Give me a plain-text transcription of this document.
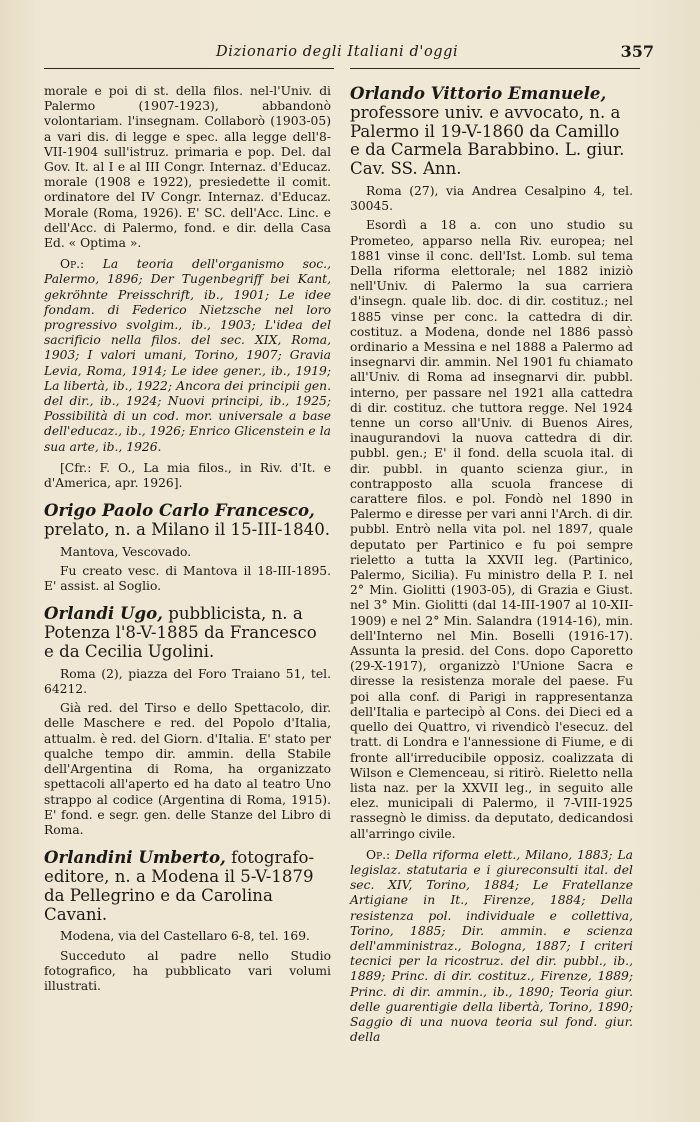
Dizionario degli Italiani d'oggi	357

morale e poi di st. della filos. nel-l'Univ. di Palermo (1907-1923), abbandonò volontariam. l'insegnam. Collaborò (1903-05) a vari dis. di legge e spec. alla legge dell'8-VII-1904 sull'istruz. primaria e pop. Del. dal Gov. It. al I e al III Congr. Internaz. d'Educaz. morale (1908 e 1922), presiedette il comit. ordinatore del IV Congr. Internaz. d'Educaz. Morale (Roma, 1926). E' SC. dell'Acc. Linc. e dell'Acc. di Palermo, fond. e dir. della Casa Ed. « Optima ».

Op.: La teoria dell'organismo soc., Palermo, 1896; Der Tugenbegriff bei Kant, gekröhnte Preisschrift, ib., 1901; Le idee fondam. di Federico Nietzsche nel loro progressivo svolgim., ib., 1903; L'idea del sacrificio nella filos. del sec. XIX, Roma, 1903; I valori umani, Torino, 1907; Gravia Levia, Roma, 1914; Le idee gener., ib., 1919; La libertà, ib., 1922; Ancora dei principii gen. del dir., ib., 1924; Nuovi principi, ib., 1925; Possibilità di un cod. mor. universale a base dell'educaz., ib., 1926; Enrico Glicenstein e la sua arte, ib., 1926.

[Cfr.: F. O., La mia filos., in Riv. d'It. e d'America, apr. 1926].

Origo Paolo Carlo Francesco, prelato, n. a Milano il 15-III-1840.

Mantova, Vescovado.

Fu creato vesc. di Mantova il 18-III-1895. E' assist. al Soglio.

Orlandi Ugo, pubblicista, n. a Potenza l'8-V-1885 da Francesco e da Cecilia Ugolini.

Roma (2), piazza del Foro Traiano 51, tel. 64212.

Già red. del Tirso e dello Spettacolo, dir. delle Maschere e red. del Popolo d'Italia, attualm. è red. del Giorn. d'Italia. E' stato per qualche tempo dir. ammin. della Stabile dell'Argentina di Roma, ha organizzato spettacoli all'aperto ed ha dato al teatro Uno strappo al codice (Argentina di Roma, 1915). E' fond. e segr. gen. delle Stanze del Libro di Roma.

Orlandini Umberto, fotografo-editore, n. a Modena il 5-V-1879 da Pellegrino e da Carolina Cavani.

Modena, via del Castellaro 6-8, tel. 169.

Succeduto al padre nello Studio fotografico, ha pubblicato vari volumi illustrati.

Orlando Vittorio Emanuele, professore univ. e avvocato, n. a Palermo il 19-V-1860 da Camillo e da Carmela Barabbino. L. giur. Cav. SS. Ann.

Roma (27), via Andrea Cesalpino 4, tel. 30045.

Esordì a 18 a. con uno studio su Prometeo, apparso nella Riv. europea; nel 1881 vinse il conc. dell'Ist. Lomb. sul tema Della riforma elettorale; nel 1882 iniziò nell'Univ. di Palermo la sua carriera d'insegn. quale lib. doc. di dir. costituz.; nel 1885 vinse per conc. la cattedra di dir. costituz. a Modena, donde nel 1886 passò ordinario a Messina e nel 1888 a Palermo ad insegnarvi dir. ammin. Nel 1901 fu chiamato all'Univ. di Roma ad insegnarvi dir. pubbl. interno, per passare nel 1921 alla cattedra di dir. costituz. che tuttora regge. Nel 1924 tenne un corso all'Univ. di Buenos Aires, inaugurandovi la nuova cattedra di dir. pubbl. gen.; E' il fond. della scuola ital. di dir. pubbl. in quanto scienza giur., in contrapposto alla scuola francese di carattere filos. e pol. Fondò nel 1890 in Palermo e diresse per vari anni l'Arch. di dir. pubbl. Entrò nella vita pol. nel 1897, quale deputato per Partinico e fu poi sempre rieletto a tutta la XXVII leg. (Partinico, Palermo, Sicilia). Fu ministro della P. I. nel 2° Min. Giolitti (1903-05), di Grazia e Giust. nel 3° Min. Giolitti (dal 14-III-1907 al 10-XII-1909) e nel 2° Min. Salandra (1914-16), min. dell'Interno nel Min. Boselli (1916-17). Assunta la presid. del Cons. dopo Caporetto (29-X-1917), organizzò l'Unione Sacra e diresse la resistenza morale del paese. Fu poi alla conf. di Parigi in rappresentanza dell'Italia e partecipò al Cons. dei Dieci ed a quello dei Quattro, vi rivendicò l'esecuz. del tratt. di Londra e l'annessione di Fiume, e di fronte all'irreducibile opposiz. coalizzata di Wilson e Clemenceau, si ritirò. Rieletto nella lista naz. per la XXVII leg., in seguito alle elez. municipali di Palermo, il 7-VIII-1925 rassegnò le dimiss. da deputato, dedicandosi all'arringo civile.

Op.: Della riforma elett., Milano, 1883; La legislaz. statutaria e i giureconsulti ital. del sec. XIV, Torino, 1884; Le Fratellanze Artigiane in It., Firenze, 1884; Della resistenza pol. individuale e collettiva, Torino, 1885; Dir. ammin. e scienza dell'amministraz., Bologna, 1887; I criteri tecnici per la ricostruz. del dir. pubbl., ib., 1889; Princ. di dir. costituz., Firenze, 1889; Princ. di dir. ammin., ib., 1890; Teoria giur. delle guarentigie della libertà, Torino, 1890; Saggio di una nuova teoria sul fond. giur. della
